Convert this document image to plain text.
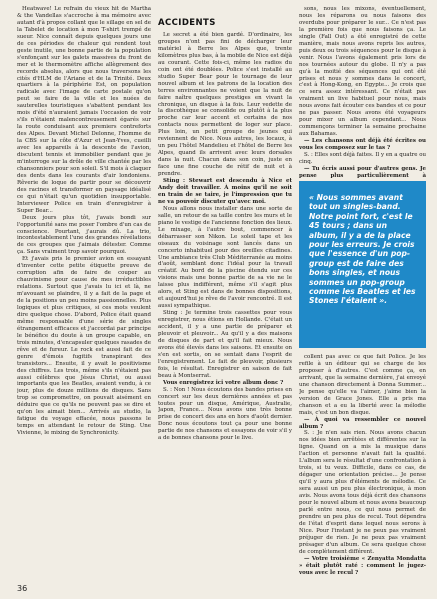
Heatwave! Le refrain du vieux hit de Martha & the Vandellas s'accroche à ma mémoire avec autant d'à propos collant que le sillage en sel de la Tabelet de location à mon T-shirt trempé de sueur. Nice connaît depuis quelques jours une de ces périodes de chaleur qui rendent tout geste inutile, une bonne partie de la population s'enfonçant sur les galets massives du front de mer et le thermomètre affiche allègrement des records absolus, alors que nous traversons les cités d'HLM de l'Ariane et de la Trinité. Deux quartiers à la périphérie Est, on population radicale avec l'image de carte postale qu'on peut se faire de la ville et les nuées de sauterelles touristiques s'abattent pendant les mois d'été n'auraient jamais l'occasion de voir s'ils n'étaient malencontreusement égarés sur la route conduisant aux premiers contreforts des Alpes. Devant Michel Delonne, l'homme de la CBS sur la côte d'Azur et Jean-Yves, cueilli avec les appareils à la descente de l'avion, discutent tennis et immobilier pendant que je m'interroge sur la drôle de ville chantée par les chansonniers pour son soleil. S'il mois à claquer des dents dans les courants d'air londoniens. Rêverie de loque de partir pour se découvrir des racines et transformer en paysage idéalisé ce qui n'était qu'un quotidien insupportable. Interviewer Police en train d'enregistrer à Super Bear...

Deux jours plus tôt, j'avais bondi sur l'opportunité sans me poser l'ombre d'un cas de conscience. Pourtant, j'aurais dû. La trio, incontestablement l'une des grandes révélations de ces groupes que j'aimais détester. Comme ça. Sans vraiment trop savoir pourquoi.

Et j'avais pris le premier avion en essayant d'inventer cette petite étiquette preuve de corruption afin de faire de couper au chauvinisme pour cause de mes irréductibles relations. Surtout que j'avais lu ici et là, ne m'avouant se plaindre, il y a fait de la page et de la positions un peu moins passionnelles. Plus logiques et plus critiques, si ces mots veulent dire quelque chose. D'abord, Police était quand même responsable d'une série de singles étrangement efficaces et j'accordai par principe le bénéfice du doute à un groupe capable, en trois minutes, d'encapsuler quelques rasades de rêve et de fureur. Le rock est aussi fait de ce genre d'émois fugitifs transpirant des transistors... Ensuite, il y avait le positivisme des chiffres. Les trois, même s'ils n'étaient pas aussi célèbres que Jésus Christ, ou aussi importants que les Beatles, avaient vendu, à ce jour, plus de douze millions de disques. Sans trop se compromettre, on pouvait aisément en déduire que ce qu'ils ne peuvent pas se dire et qu'on les aimait bien... Arrivés au studio, la fatigue du voyage effacée, nous passons le temps en attendant le retour de Sting. Une Vivienne, le mixing de Synchronicity.

ACCIDENTS

Le secret a été bien gardé. D'ordinaire, les groupes n'ont pas fini de décharger leur matériel à Berre les Alpes que, trente kilomètres plus bas, à la mobile de Nice est déjà au courant. Cette fois-ci, même les radios du coin ont été doublées. Police s'est installé au studio Super Bear pour le tournage de leur nouvel album et les patrons de la location des terres environnantes ne voient que la nuit de faire naître quelques prestiges en vivant la chronique, un disque à la fois. Leur vedette de la discothèque se consolide ou plutôt à la plus proche car leur accent et certains de nos contacts nous permettent de loger sur place. Plus loin, un petit groupe de jeunes qui reviennent de Nice. Nous autres, les locaux, à un peu l'hôtel Mandelieu et l'hôtel de Berre les Alpes, quand ils arrivent avec leurs dorsales dans la nuit. Chacun dans son coin, juste en face une fine couche de rétif de nuit et à prendre.

Sting : Stewart est descendu à Nice et Andy doit travailler. À moins qu'il ne soit en train de se taire, je l'impression que tu ne va pouvoir discuter qu'avec moi.

Nous allons nous installer dans une sorte de salle, un retour de sa taille contre les murs et le piano le vestige de l'ancienne fonction des lieux. Le mixage, à l'autre bout, commencer à débarrasser son Nikon. Le soleil tape et les oiseaux du voisinage sont lancés dans un concerto inhabituel pour des oreilles citadines. Une ambiance très Club Méditerranée au moins d'août, semblant donc l'idéal pour la travail créatif. Au bord de la piscine étendu sur ces visions mais une bonne partie de sa vie ne le laisse plus indifférent, même s'il s'agit plus alors, et Sting est dans de bonnes dispositions, et aujourd'hui je rêve de l'avoir rencontré. Il est aussi sympathique.

Sting : Je termine trois cassettes pour vous enregistrer, nous étions en Hollande. C'était un accident, il y a une partie de préparer et pleuvoir et pleuvoir... Au qu'il y a des maisons de disques de part et qu'il fait mieux. Nous avons été élevés dans les saisons. Et ensuite on s'en est sortis, on se sentait dans l'esprit de l'enregistrement. Le fait de pleuvoir, plusieurs fois, le résultat. Enregistrer en saison de fait beau à Montserrat.

Vous enregistrez ici votre album donc ?

S. : Non ! Nous écoutons des bandes prises en concert sur les deux dernières années et pas toutes pour un disque, Amérique, Australie, Japon, France... Nous avons une très bonne prise de concert des ans en hors d'août dernier. Donc nous écoutons tout ça pour une bonne partie de nos chansons et essayons de voir s'il y a de bonnes chansons pour le live.

sons, nous les mixons, éventuellement, nous les réparons ou nous faisons des overdubs pour préparer le sur... Ce n'est pas la première fois que nous faisons ça. Le single (Fall Out) a été enregistré de cette manière, mais nous avons repris les autres, puis deux ou trois séquences pour le disque à venir. Nous l'avons également pris lors de nos tournées autour du globe. Il n'y a pas qu'à la moitié des séquences qui ont été prises et nous y sommes dans le concert, c'est à Hong-Kong, en Egypte... Je crois que ce sera assez intéressant. Ce n'était pas vraiment un live habituel pour nous, mais nous avons fait écouter ces bandes et ce pour ne pas passer. Nous avons été voyageurs pour mixer un album cependant... Nous commençons terminer la semaine prochaine aux Bahamas.

— Les chansons ont déjà été écrites ou vous les composez sur le tas ?

S. : Elles sont déjà faites. Il y en a quatre ou cinq.

— Tu écris aussi pour d'autres gens. Je pense plus particulièrement à

« Nous sommes avant tout un singles-band. Notre point fort, c'est le 45 tours ; dans un album, il y a de la place pour les erreurs. Je crois que l'essence d'un pop-group est de faire des bons singles, et nous sommes un pop-group comme les Beatles et les Stones l'étaient ».

collent pas avec ce que fait Police. Je les refile à un éditeur qui se charge de les proposer à d'autres. C'est comme ça, en arrivant, que la semaine dernière, j'ai envoyé une chanson directement à Donna Summer... Je pense qu'elle va l'aimer, j'aime bien la version de Grace Jones. Elle a pris ma chanson et a eu la liberté avec la mélodie mais, c'est un bon disque.

— À quoi va ressembler ce nouvel album ?

S. : Je n'en sais rien. Nous avons chacun nos idées bien arrêtées et différentes sur la ligne. Quand on a mis la musique dans l'action et personne n'avait fait la qualité. L'album sera le résultat d'une confrontation à trois, si tu veux. Difficile, dans ce cas, de dégager une orientation précise... Je pense qu'il y aura plus d'éléments de mélodie. Ce sera aussi un peu plus électronique, à mon avis. Nous avons tous déjà écrit des chansons pour le nouvel album et nous avons beaucoup parlé entre nous, ce qui nous permet de prendre un peu plus de recul. Tout dépendra de l'état d'esprit dans lequel nous serons à Nice. Pour l'instant je ne peux pas vraiment préjuger de rien. Je ne peux pas vraiment présager d'un album. Ce sera quelque chose de complètement différent.

— Votre troisième « Zenyatta Mondatta » était plutôt raté : comment le jugez-vous avec le recul ?

36
